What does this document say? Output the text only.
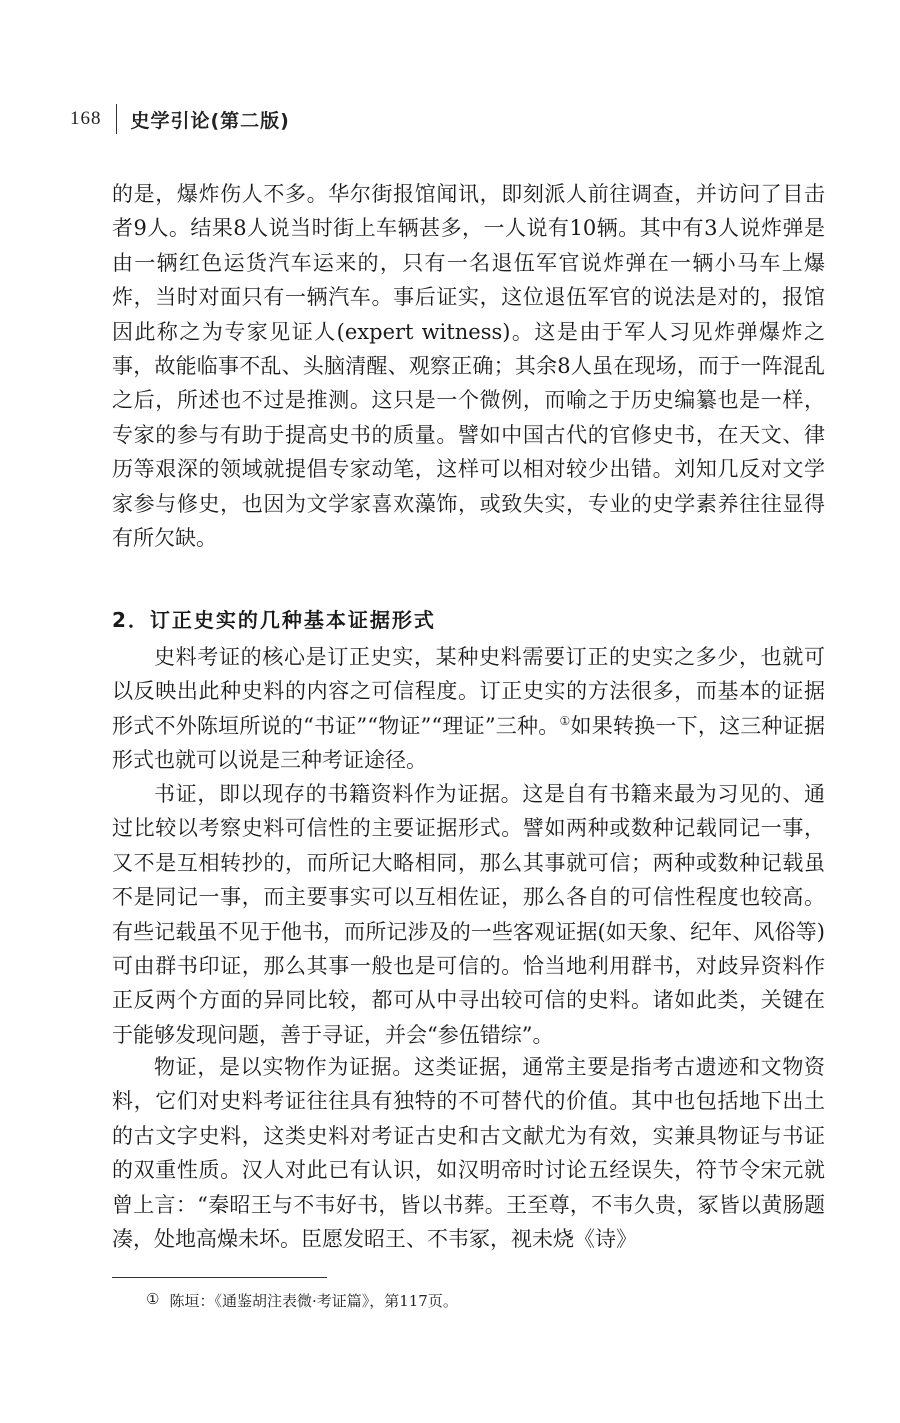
168 史学引论(第二版)

的是，爆炸伤人不多。华尔街报馆闻讯，即刻派人前往调查，并访问了目击者9人。结果8人说当时街上车辆甚多，一人说有10辆。其中有3人说炸弹是由一辆红色运货汽车运来的，只有一名退伍军官说炸弹在一辆小马车上爆炸，当时对面只有一辆汽车。事后证实，这位退伍军官的说法是对的，报馆因此称之为专家见证人(expert witness)。这是由于军人习见炸弹爆炸之事，故能临事不乱、头脑清醒、观察正确；其余8人虽在现场，而于一阵混乱之后，所述也不过是推测。这只是一个微例，而喻之于历史编纂也是一样，专家的参与有助于提高史书的质量。譬如中国古代的官修史书，在天文、律历等艰深的领域就提倡专家动笔，这样可以相对较少出错。刘知几反对文学家参与修史，也因为文学家喜欢藻饰，或致失实，专业的史学素养往往显得有所欠缺。

2．订正史实的几种基本证据形式

史料考证的核心是订正史实，某种史料需要订正的史实之多少，也就可以反映出此种史料的内容之可信程度。订正史实的方法很多，而基本的证据形式不外陈垣所说的“书证”“物证”“理证”三种。①如果转换一下，这三种证据形式也就可以说是三种考证途径。

书证，即以现存的书籍资料作为证据。这是自有书籍来最为习见的、通过比较以考察史料可信性的主要证据形式。譬如两种或数种记载同记一事，又不是互相转抄的，而所记大略相同，那么其事就可信；两种或数种记载虽不是同记一事，而主要事实可以互相佐证，那么各自的可信性程度也较高。有些记载虽不见于他书，而所记涉及的一些客观证据(如天象、纪年、风俗等)可由群书印证，那么其事一般也是可信的。恰当地利用群书，对歧异资料作正反两个方面的异同比较，都可从中寻出较可信的史料。诸如此类，关键在于能够发现问题，善于寻证，并会“参伍错综”。

物证，是以实物作为证据。这类证据，通常主要是指考古遗迹和文物资料，它们对史料考证往往具有独特的不可替代的价值。其中也包括地下出土的古文字史料，这类史料对考证古史和古文献尤为有效，实兼具物证与书证的双重性质。汉人对此已有认识，如汉明帝时讨论五经误失，符节令宋元就曾上言：“秦昭王与不韦好书，皆以书葬。王至尊，不韦久贵，冢皆以黄肠题凑，处地高燥未坏。臣愿发昭王、不韦冢，视未烧《诗》

① 陈垣：《通鉴胡注表微·考证篇》，第117页。
